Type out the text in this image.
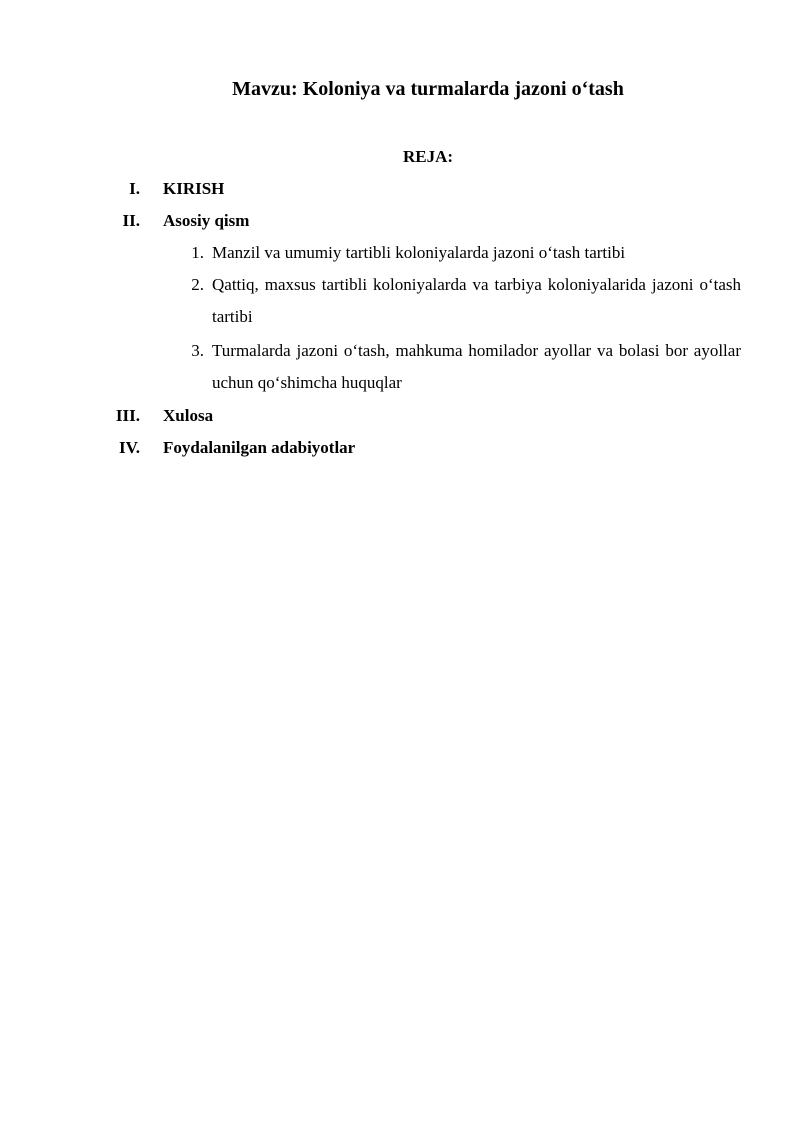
Mavzu: Koloniya va turmalarda jazoni o‘tash
REJA:
I. KIRISH
II. Asosiy qism
1. Manzil va umumiy tartibli koloniyalarda jazoni o‘tash tartibi
2. Qattiq, maxsus tartibli koloniyalarda va tarbiya koloniyalarida jazoni o‘tash tartibi
3. Turmalarda jazoni o‘tash, mahkuma homilador ayollar va bolasi bor ayollar uchun qo‘shimcha huquqlar
III. Xulosa
IV. Foydalanilgan adabiyotlar
